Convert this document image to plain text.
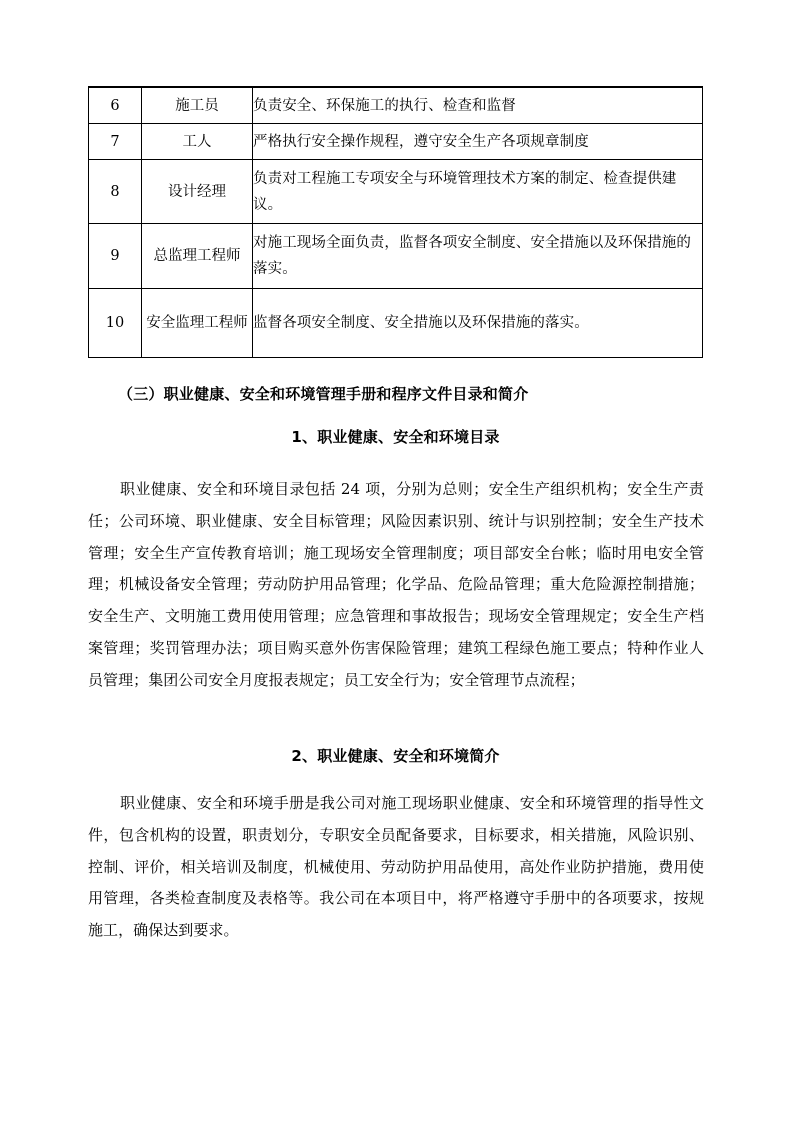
6	施工员	负责安全、环保施工的执行、检查和监督
7	工人	严格执行安全操作规程，遵守安全生产各项规章制度
8	设计经理	负责对工程施工专项安全与环境管理技术方案的制定、检查提供建议。
9	总监理工程师	对施工现场全面负责，监督各项安全制度、安全措施以及环保措施的落实。
10	安全监理工程师	监督各项安全制度、安全措施以及环保措施的落实。
（三）职业健康、安全和环境管理手册和程序文件目录和简介
1、职业健康、安全和环境目录
职业健康、安全和环境目录包括 24 项，分别为总则；安全生产组织机构；安全生产责任；公司环境、职业健康、安全目标管理；风险因素识别、统计与识别控制；安全生产技术管理；安全生产宣传教育培训；施工现场安全管理制度；项目部安全台帐；临时用电安全管理；机械设备安全管理；劳动防护用品管理；化学品、危险品管理；重大危险源控制措施；安全生产、文明施工费用使用管理；应急管理和事故报告；现场安全管理规定；安全生产档案管理；奖罚管理办法；项目购买意外伤害保险管理；建筑工程绿色施工要点；特种作业人员管理；集团公司安全月度报表规定；员工安全行为；安全管理节点流程；
2、职业健康、安全和环境简介
职业健康、安全和环境手册是我公司对施工现场职业健康、安全和环境管理的指导性文件，包含机构的设置，职责划分，专职安全员配备要求，目标要求，相关措施，风险识别、控制、评价，相关培训及制度，机械使用、劳动防护用品使用，高处作业防护措施，费用使用管理，各类检查制度及表格等。我公司在本项目中，将严格遵守手册中的各项要求，按规施工，确保达到要求。
